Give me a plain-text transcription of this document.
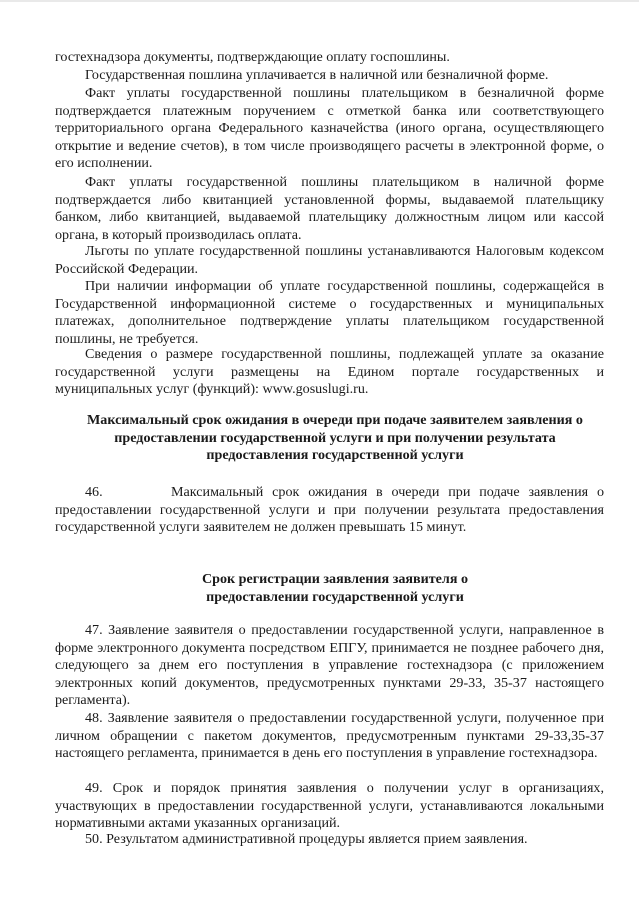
гостехнадзора документы, подтверждающие оплату госпошлины.

Государственная пошлина уплачивается в наличной или безналичной форме.

Факт уплаты государственной пошлины плательщиком в безналичной форме подтверждается платежным поручением с отметкой банка или соответствующего территориального органа Федерального казначейства (иного органа, осуществляющего открытие и ведение счетов), в том числе производящего расчеты в электронной форме, о его исполнении.

Факт уплаты государственной пошлины плательщиком в наличной форме подтверждается либо квитанцией установленной формы, выдаваемой плательщику банком, либо квитанцией, выдаваемой плательщику должностным лицом или кассой органа, в который производилась оплата.

Льготы по уплате государственной пошлины устанавливаются Налоговым кодексом Российской Федерации.

При наличии информации об уплате государственной пошлины, содержащейся в Государственной информационной системе о государственных и муниципальных платежах, дополнительное подтверждение уплаты плательщиком государственной пошлины, не требуется.

Сведения о размере государственной пошлины, подлежащей уплате за оказание государственной услуги размещены на Едином портале государственных и муниципальных услуг (функций): www.gosuslugi.ru.

Максимальный срок ожидания в очереди при подаче заявителем заявления о предоставлении государственной услуги и при получении результата предоставления государственной услуги

46.	Максимальный срок ожидания в очереди при подаче заявления о предоставлении государственной услуги и при получении результата предоставления государственной услуги заявителем не должен превышать 15 минут.

Срок регистрации заявления заявителя о предоставлении государственной услуги

47. Заявление заявителя о предоставлении государственной услуги, направленное в форме электронного документа посредством ЕПГУ, принимается не позднее рабочего дня, следующего за днем его поступления в управление гостехнадзора (с приложением электронных копий документов, предусмотренных пунктами 29-33, 35-37 настоящего регламента).

48. Заявление заявителя о предоставлении государственной услуги, полученное при личном обращении с пакетом документов, предусмотренным пунктами 29-33,35-37 настоящего регламента, принимается в день его поступления в управление гостехнадзора.

49. Срок и порядок принятия заявления о получении услуг в организациях, участвующих в предоставлении государственной услуги, устанавливаются локальными нормативными актами указанных организаций.

50. Результатом административной процедуры является прием заявления.
